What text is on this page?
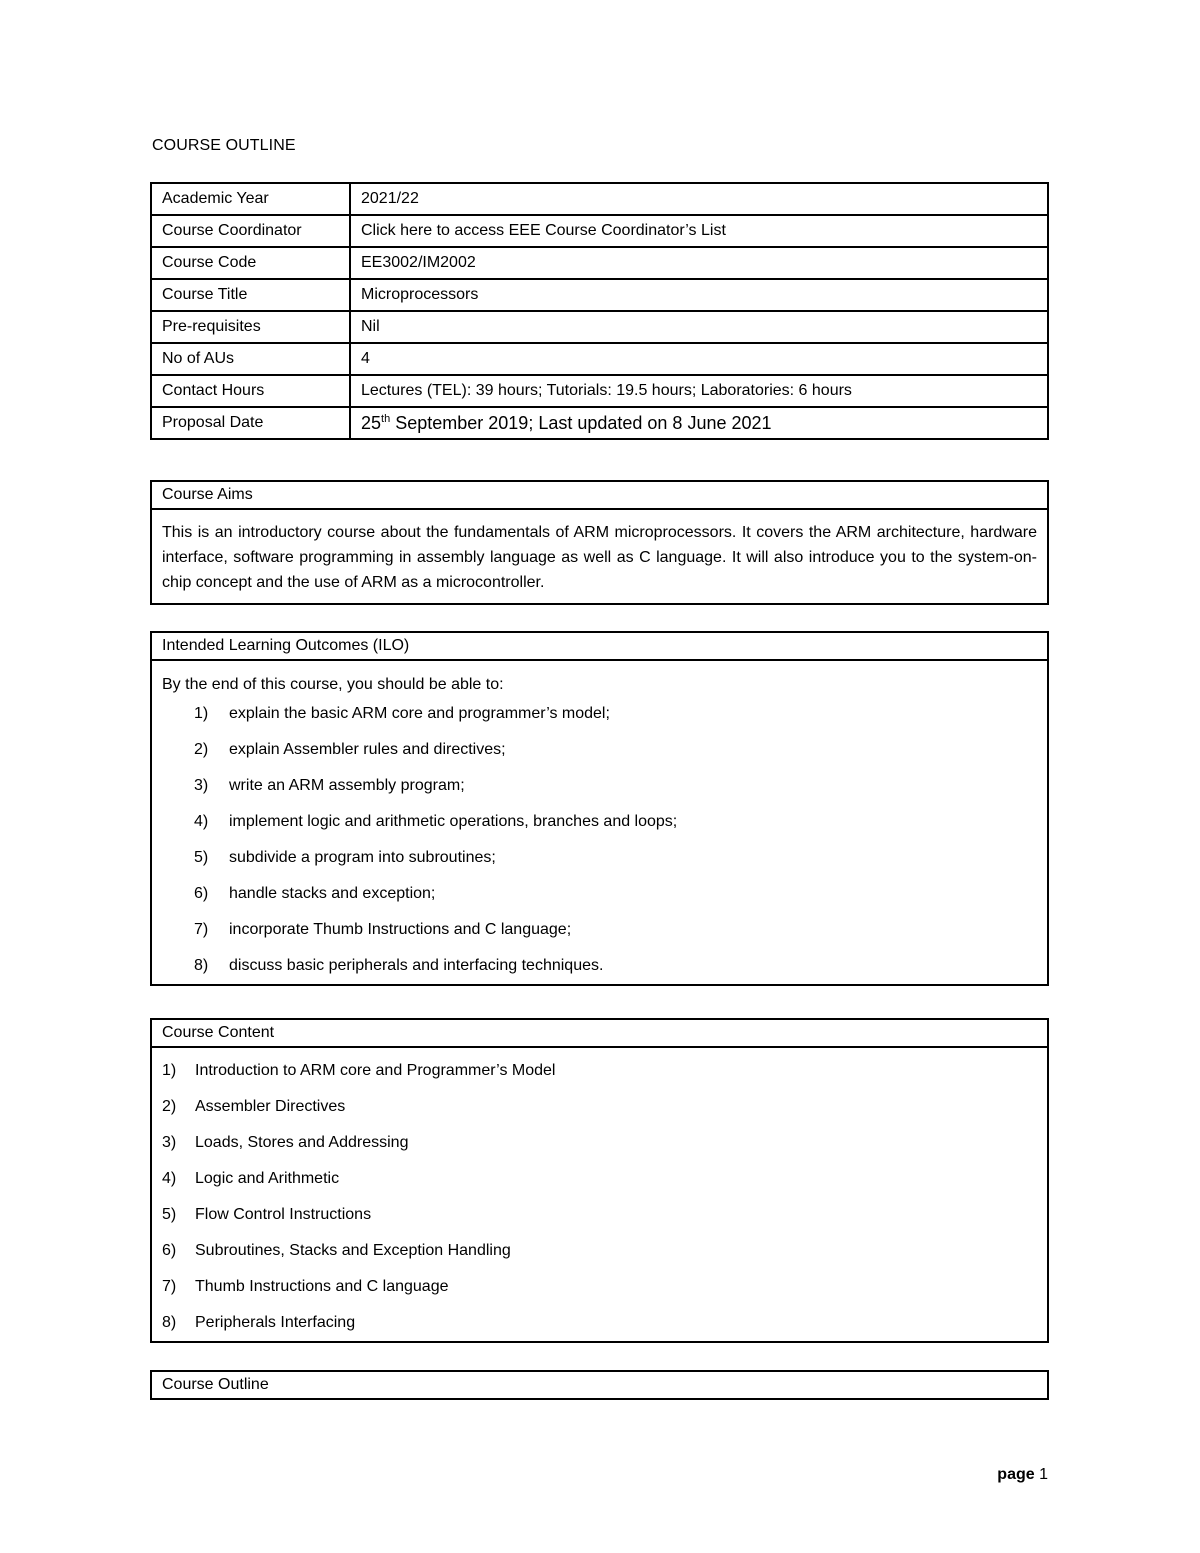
COURSE OUTLINE
Academic Year	2021/22
Course Coordinator	Click here to access EEE Course Coordinator’s List
Course Code	EE3002/IM2002
Course Title	Microprocessors
Pre-requisites	Nil
No of AUs	4
Contact Hours	Lectures (TEL): 39 hours; Tutorials: 19.5 hours; Laboratories: 6 hours
Proposal Date	25th September 2019; Last updated on 8 June 2021
Course Aims
This is an introductory course about the fundamentals of ARM microprocessors. It covers the ARM architecture, hardware interface, software programming in assembly language as well as C language. It will also introduce you to the system-on-chip concept and the use of ARM as a microcontroller.
Intended Learning Outcomes (ILO)
By the end of this course, you should be able to:
1) explain the basic ARM core and programmer’s model;
2) explain Assembler rules and directives;
3) write an ARM assembly program;
4) implement logic and arithmetic operations, branches and loops;
5) subdivide a program into subroutines;
6) handle stacks and exception;
7) incorporate Thumb Instructions and C language;
8) discuss basic peripherals and interfacing techniques.
Course Content
1) Introduction to ARM core and Programmer’s Model
2) Assembler Directives
3) Loads, Stores and Addressing
4) Logic and Arithmetic
5) Flow Control Instructions
6) Subroutines, Stacks and Exception Handling
7) Thumb Instructions and C language
8) Peripherals Interfacing
Course Outline
page 1
